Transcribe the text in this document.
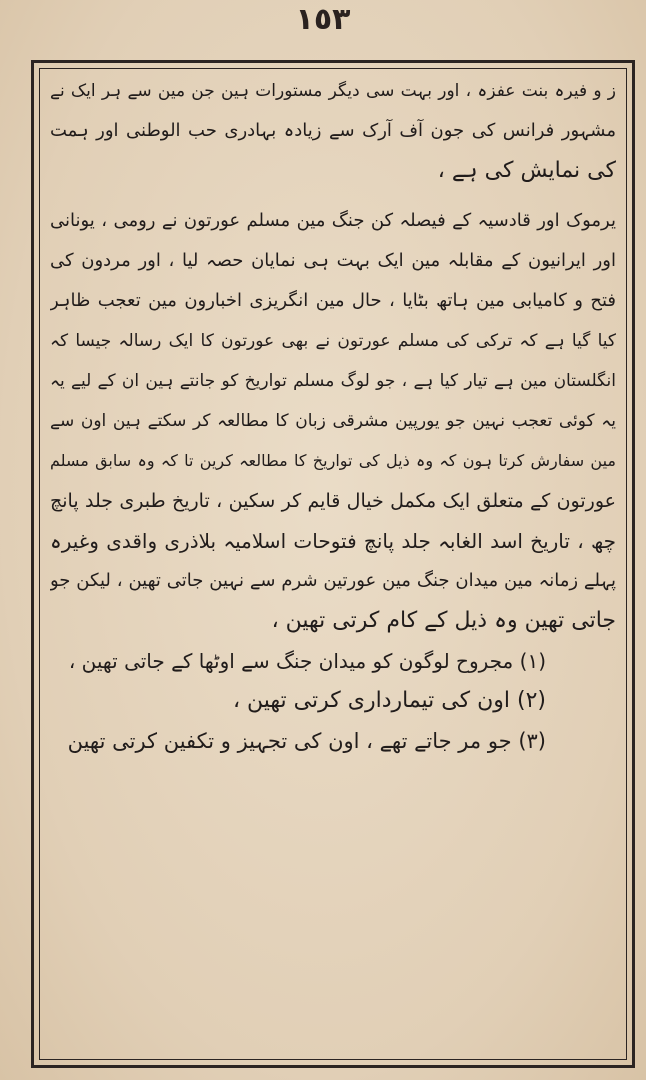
١٥٣
ز و فیرہ بنت عفزہ ، اور بہت سی دیگر مستورات ہین جن مین سے ہر ایک نے
مشہور فرانس کی جون آف آرک سے زیادہ بہادری حب الوطنی اور ہمت
کی نمایش کی ہے ،
یرموک اور قادسیہ کے فیصلہ کن جنگ مین مسلم عورتون نے رومی ، یونانی
اور ایرانیون کے مقابلہ مین ایک بہت ہی نمایان حصہ لیا ، اور مردون کی
فتح و کامیابی مین ہاتھ بٹایا ، حال مین انگریزی اخبارون مین تعجب ظاہر
کیا گیا ہے کہ ترکی کی مسلم عورتون نے بھی عورتون کا ایک رسالہ جیسا کہ
انگلستان مین ہے تیار کیا ہے ، جو لوگ مسلم تواریخ کو جانتے ہین ان کے لیے یہ
یہ کوئی تعجب نہین جو یورپین مشرقی زبان کا مطالعہ کر سکتے ہین اون سے
مین سفارش کرتا ہون کہ وہ ذیل کی تواریخ کا مطالعہ کرین تا کہ وہ سابق مسلم
عورتون کے متعلق ایک مکمل خیال قایم کر سکین ، تاریخ طبری جلد پانچ
چھ ، تاریخ اسد الغابہ جلد پانچ فتوحات اسلامیہ بلاذری واقدی وغیرہ
پہلے زمانہ مین میدان جنگ مین عورتین شرم سے نہین جاتی تھین ، لیکن جو
جاتی تھین وہ ذیل کے کام کرتی تھین ،
(۱) مجروح لوگون کو میدان جنگ سے اوٹھا کے جاتی تھین ،
(۲) اون کی تیمارداری کرتی تھین ،
(۳) جو مر جاتے تھے ، اون کی تجہیز و تکفین کرتی تھین
